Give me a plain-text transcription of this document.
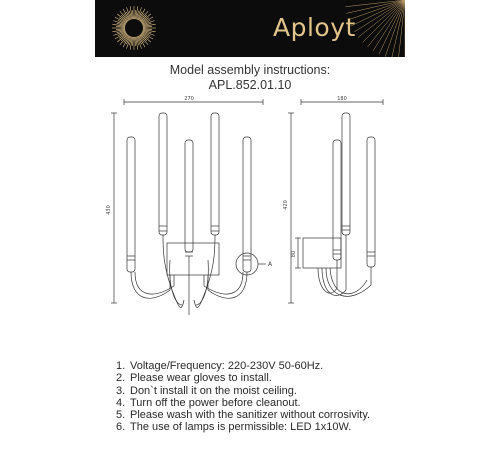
Aployt
Model assembly instructions:
APL.852.01.10
270
430
180
420
80
A
1. Voltage/Frequency: 220-230V 50-60Hz.
2. Please wear gloves to install.
3. Don`t install it on the moist ceiling.
4. Turn off the power before cleanout.
5. Please wash with the sanitizer without corrosivity.
6. The use of lamps is permissible: LED 1x10W.
